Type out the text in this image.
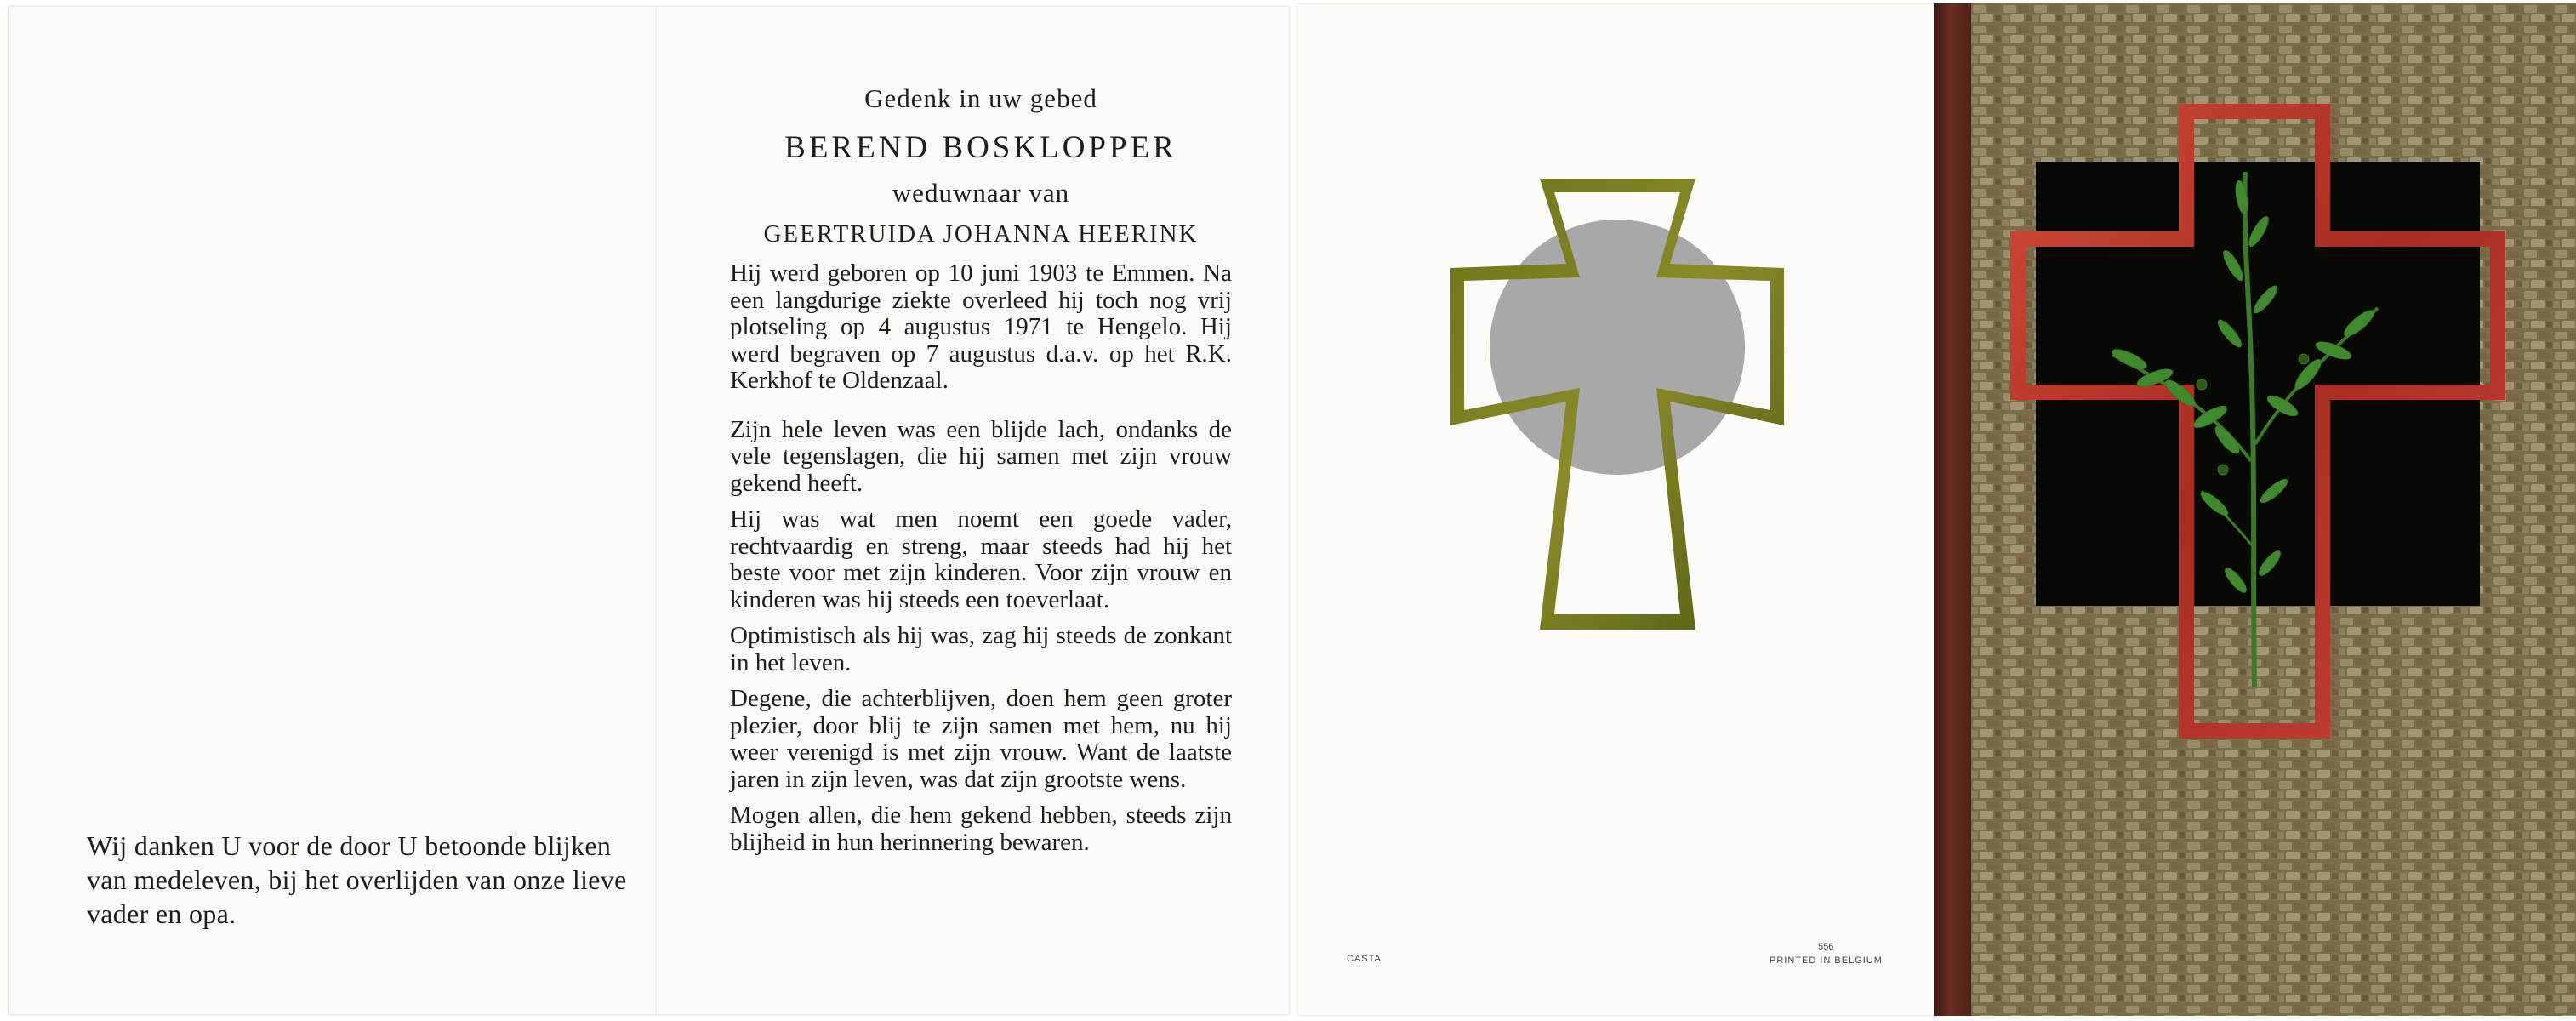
Wij danken U voor de door U betoonde blijken van medeleven, bij het overlijden van onze lieve vader en opa.
Gedenk in uw gebed
BEREND BOSKLOPPER
weduwnaar van
GEERTRUIDA JOHANNA HEERINK

Hij werd geboren op 10 juni 1903 te Emmen. Na een langdurige ziekte overleed hij toch nog vrij plotseling op 4 augustus 1971 te Hengelo. Hij werd begraven op 7 augustus d.a.v. op het R.K. Kerkhof te Oldenzaal.

Zijn hele leven was een blijde lach, ondanks de vele tegenslagen, die hij samen met zijn vrouw gekend heeft.

Hij was wat men noemt een goede vader, rechtvaardig en streng, maar steeds had hij het beste voor met zijn kinderen. Voor zijn vrouw en kinderen was hij steeds een toeverlaat.

Optimistisch als hij was, zag hij steeds de zonkant in het leven.

Degene, die achterblijven, doen hem geen groter plezier, door blij te zijn samen met hem, nu hij weer verenigd is met zijn vrouw. Want de laatste jaren in zijn leven, was dat zijn grootste wens.

Mogen allen, die hem gekend hebben, steeds zijn blijheid in hun herinnering bewaren.

CASTA
556
PRINTED IN BELGIUM
